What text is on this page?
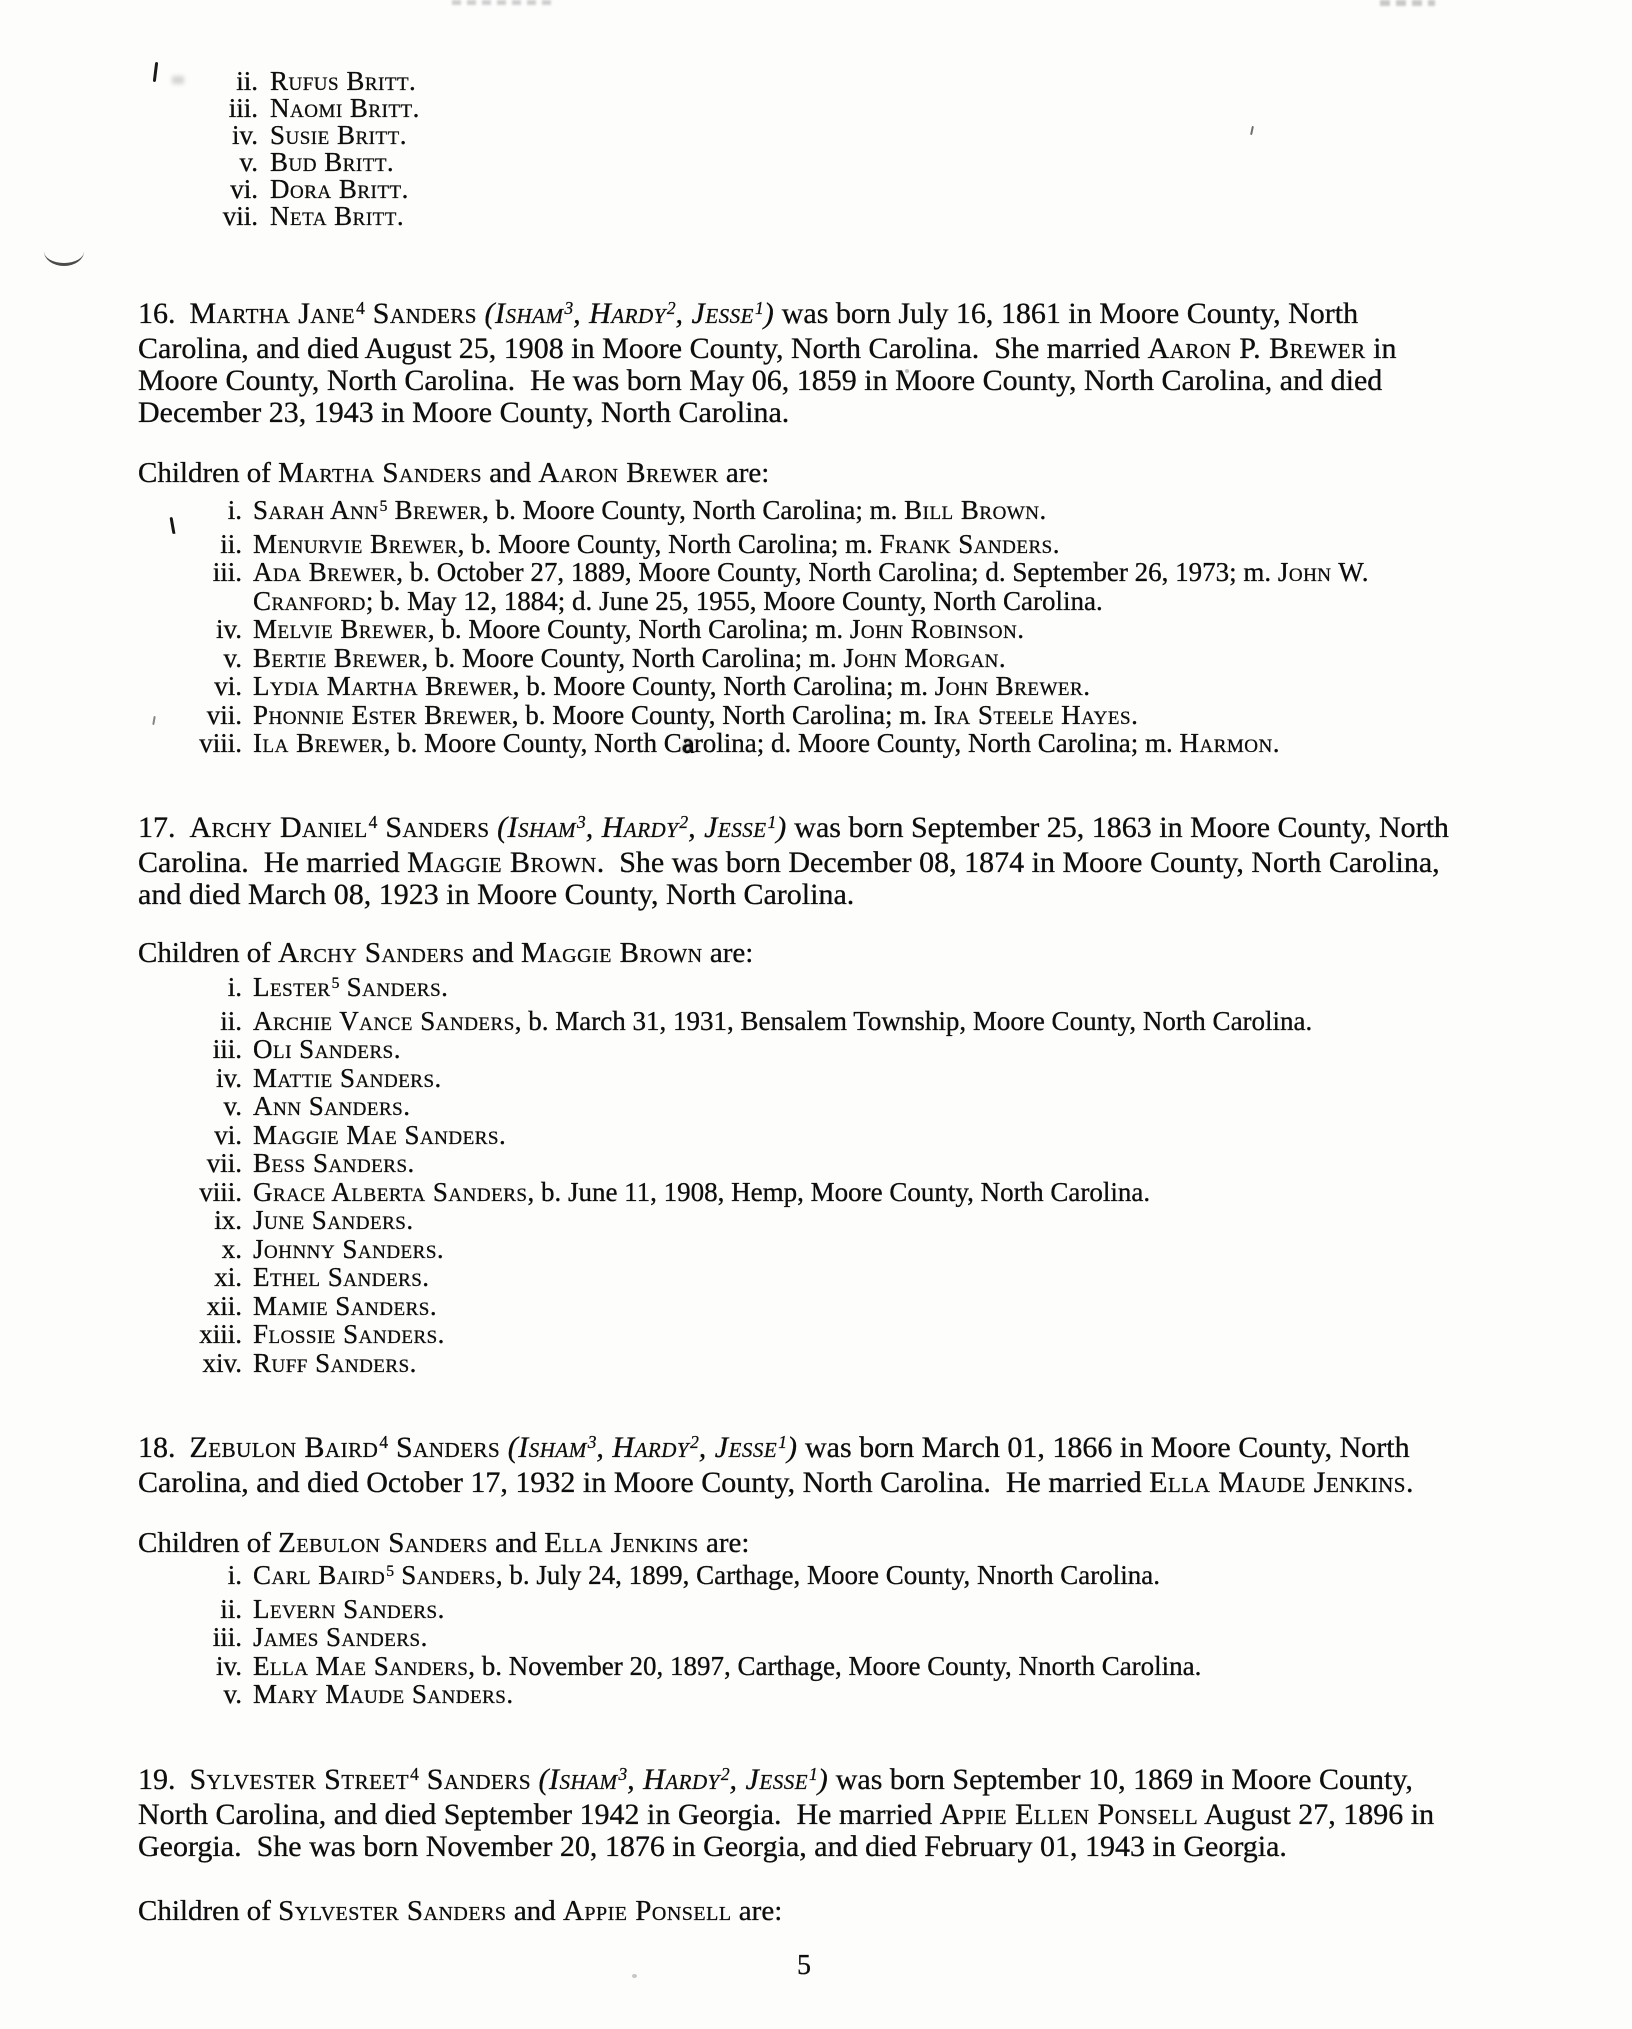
ii. Rufus Britt.
iii. Naomi Britt.
iv. Susie Britt.
v. Bud Britt.
vi. Dora Britt.
vii. Neta Britt.
16. Martha Jane$^4$ Sanders (Isham$^3$, Hardy$^2$, Jesse$^1$) was born July 16, 1861 in Moore County, North
Carolina, and died August 25, 1908 in Moore County, North Carolina.  She married Aaron P. Brewer in
Moore County, North Carolina.  He was born May 06, 1859 in Moore County, North Carolina, and died
December 23, 1943 in Moore County, North Carolina.
Children of Martha Sanders and Aaron Brewer are:
i. Sarah Ann$^5$ Brewer, b. Moore County, North Carolina; m. Bill Brown.
ii. Menurvie Brewer, b. Moore County, North Carolina; m. Frank Sanders.
iii. Ada Brewer, b. October 27, 1889, Moore County, North Carolina; d. September 26, 1973; m. John W.
Cranford; b. May 12, 1884; d. June 25, 1955, Moore County, North Carolina.
iv. Melvie Brewer, b. Moore County, North Carolina; m. John Robinson.
v. Bertie Brewer, b. Moore County, North Carolina; m. John Morgan.
vi. Lydia Martha Brewer, b. Moore County, North Carolina; m. John Brewer.
vii. Phonnie Ester Brewer, b. Moore County, North Carolina; m. Ira Steele Hayes.
viii. Ila Brewer, b. Moore County, North Carolina; d. Moore County, North Carolina; m. Harmon.
17. Archy Daniel$^4$ Sanders (Isham$^3$, Hardy$^2$, Jesse$^1$) was born September 25, 1863 in Moore County, North
Carolina.  He married Maggie Brown.  She was born December 08, 1874 in Moore County, North Carolina,
and died March 08, 1923 in Moore County, North Carolina.
Children of Archy Sanders and Maggie Brown are:
i. Lester$^5$ Sanders.
ii. Archie Vance Sanders, b. March 31, 1931, Bensalem Township, Moore County, North Carolina.
iii. Oli Sanders.
iv. Mattie Sanders.
v. Ann Sanders.
vi. Maggie Mae Sanders.
vii. Bess Sanders.
viii. Grace Alberta Sanders, b. June 11, 1908, Hemp, Moore County, North Carolina.
ix. June Sanders.
x. Johnny Sanders.
xi. Ethel Sanders.
xii. Mamie Sanders.
xiii. Flossie Sanders.
xiv. Ruff Sanders.
18. Zebulon Baird$^4$ Sanders (Isham$^3$, Hardy$^2$, Jesse$^1$) was born March 01, 1866 in Moore County, North
Carolina, and died October 17, 1932 in Moore County, North Carolina.  He married Ella Maude Jenkins.
Children of Zebulon Sanders and Ella Jenkins are:
i. Carl Baird$^5$ Sanders, b. July 24, 1899, Carthage, Moore County, Nnorth Carolina.
ii. Levern Sanders.
iii. James Sanders.
iv. Ella Mae Sanders, b. November 20, 1897, Carthage, Moore County, Nnorth Carolina.
v. Mary Maude Sanders.
19. Sylvester Street$^4$ Sanders (Isham$^3$, Hardy$^2$, Jesse$^1$) was born September 10, 1869 in Moore County,
North Carolina, and died September 1942 in Georgia.  He married Appie Ellen Ponsell August 27, 1896 in
Georgia.  She was born November 20, 1876 in Georgia, and died February 01, 1943 in Georgia.
Children of Sylvester Sanders and Appie Ponsell are:
5
